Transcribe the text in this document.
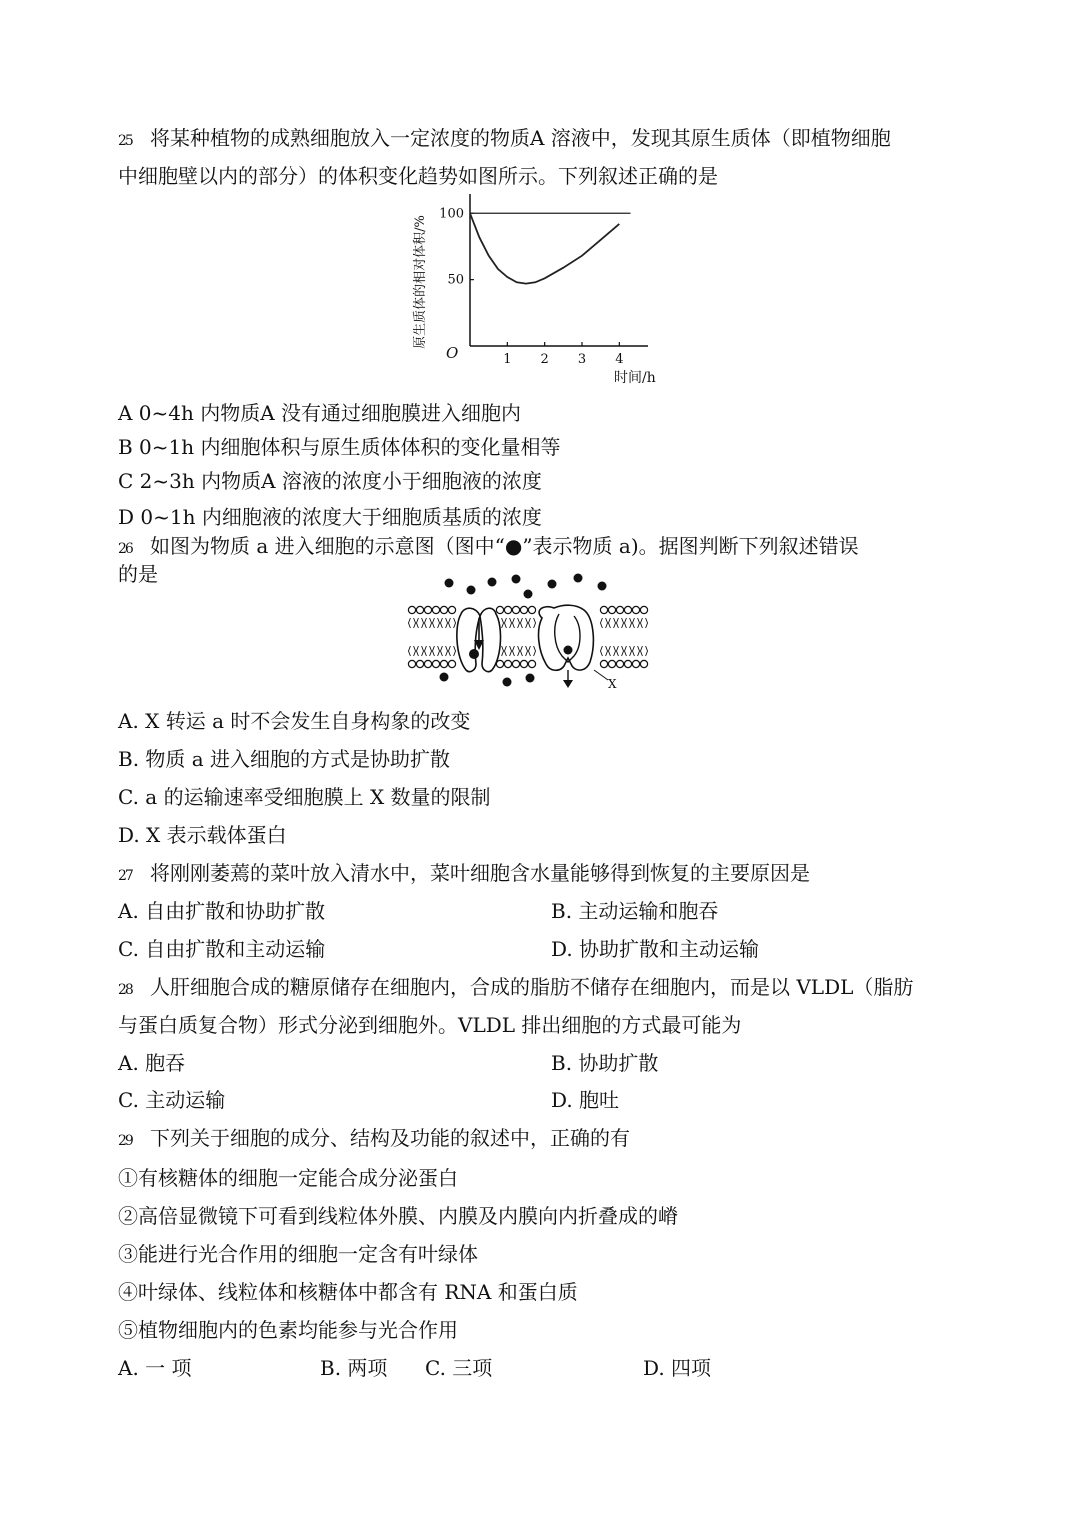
25 将某种植物的成熟细胞放入一定浓度的物质A 溶液中，发现其原生质体（即植物细胞
中细胞壁以内的部分）的体积变化趋势如图所示。下列叙述正确的是
原生质体的相对体积/%
1 2 3 4
50
100
O
时间/h
A 0~4h 内物质A 没有通过细胞膜进入细胞内
B 0~1h 内细胞体积与原生质体体积的变化量相等
C 2~3h 内物质A 溶液的浓度小于细胞液的浓度
D 0~1h 内细胞液的浓度大于细胞质基质的浓度
26 如图为物质 a 进入细胞的示意图（图中“●”表示物质 a)。据图判断下列叙述错误
的是
X
A. X 转运 a 时不会发生自身构象的改变
B. 物质 a 进入细胞的方式是协助扩散
C. a 的运输速率受细胞膜上 X 数量的限制
D. X 表示载体蛋白
27 将刚刚萎蔫的菜叶放入清水中，菜叶细胞含水量能够得到恢复的主要原因是
A. 自由扩散和协助扩散	B. 主动运输和胞吞
C. 自由扩散和主动运输	D. 协助扩散和主动运输
28 人肝细胞合成的糖原储存在细胞内，合成的脂肪不储存在细胞内，而是以 VLDL（脂肪
与蛋白质复合物）形式分泌到细胞外。VLDL 排出细胞的方式最可能为
A. 胞吞	B. 协助扩散
C. 主动运输	D. 胞吐
29 下列关于细胞的成分、结构及功能的叙述中，正确的有
①有核糖体的细胞一定能合成分泌蛋白
②高倍显微镜下可看到线粒体外膜、内膜及内膜向内折叠成的嵴
③能进行光合作用的细胞一定含有叶绿体
④叶绿体、线粒体和核糖体中都含有 RNA 和蛋白质
⑤植物细胞内的色素均能参与光合作用
A. 一 项	B. 两项 C. 三项	D. 四项
